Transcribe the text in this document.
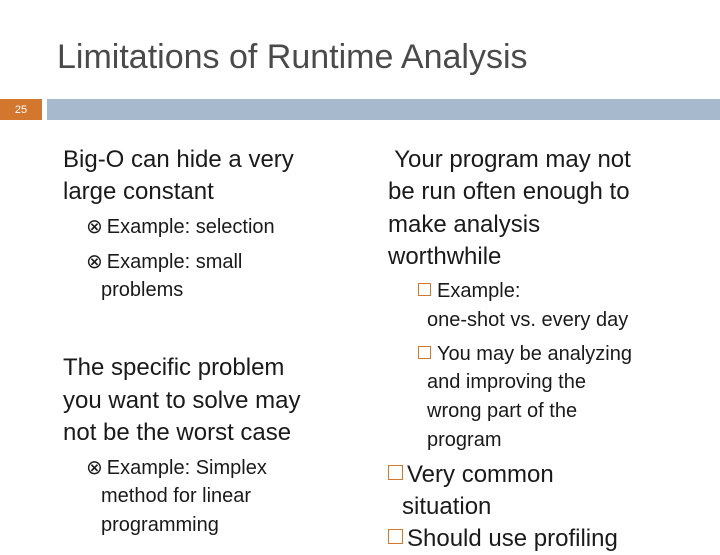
Limitations of Runtime Analysis
25
Big-O can hide a very
large constant
⊗ Example: selection
⊗ Example: small
problems
The specific problem
you want to solve may
not be the worst case
⊗ Example: Simplex
method for linear
programming
Your program may not
be run often enough to
make analysis
worthwhile
Example:
one-shot vs. every day
You may be analyzing
and improving the
wrong part of the
program
Very common
situation
Should use profiling
